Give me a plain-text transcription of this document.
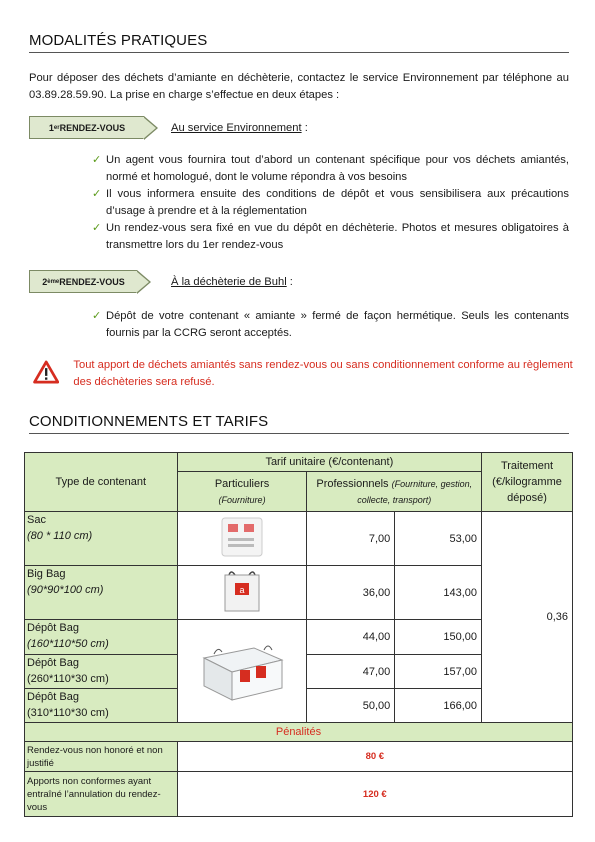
MODALITÉS PRATIQUES

Pour déposer des déchets d’amiante en déchèterie, contactez le service Environnement par téléphone au 03.89.28.59.90. La prise en charge s’effectue en deux étapes :

1 er RENDEZ-VOUS	Au service Environnement :
✓ Un agent vous fournira tout d’abord un contenant spécifique pour vos déchets amiantés, normé et homologué, dont le volume répondra à vos besoins
✓ Il vous informera ensuite des conditions de dépôt et vous sensibilisera aux précautions d’usage à prendre et à la réglementation
✓ Un rendez-vous sera fixé en vue du dépôt en déchèterie. Photos et mesures obligatoires à transmettre lors du 1er rendez-vous
2 ème RENDEZ-VOUS	À la déchèterie de Buhl :
✓ Dépôt de votre contenant « amiante » fermé de façon hermétique. Seuls les contenants fournis par la CCRG seront acceptés.
Tout apport de déchets amiantés sans rendez-vous ou sans conditionnement conforme au règlement des déchèteries sera refusé.
CONDITIONNEMENTS ET TARIFS
Type de contenant	Tarif unitaire (€/contenant)			Traitement (€/kilogramme déposé)

	Particuliers
(Fourniture)	Professionnels (Fourniture, gestion, collecte, transport)		

Sac
(80 * 110 cm)		7,00	53,00	0,36

Big Bag
(90*90*100 cm)	a	36,00	143,00	

Dépôt Bag
(160*110*50 cm)		44,00	150,00	

Dépôt Bag
(260*110*30 cm)		47,00	157,00	

Dépôt Bag
(310*110*30 cm)		50,00	166,00	
Pénalités				
Rendez-vous non honoré et non justifié	80 €			
Apports non conformes ayant entraîné l’annulation du rendez-vous	120 €			
